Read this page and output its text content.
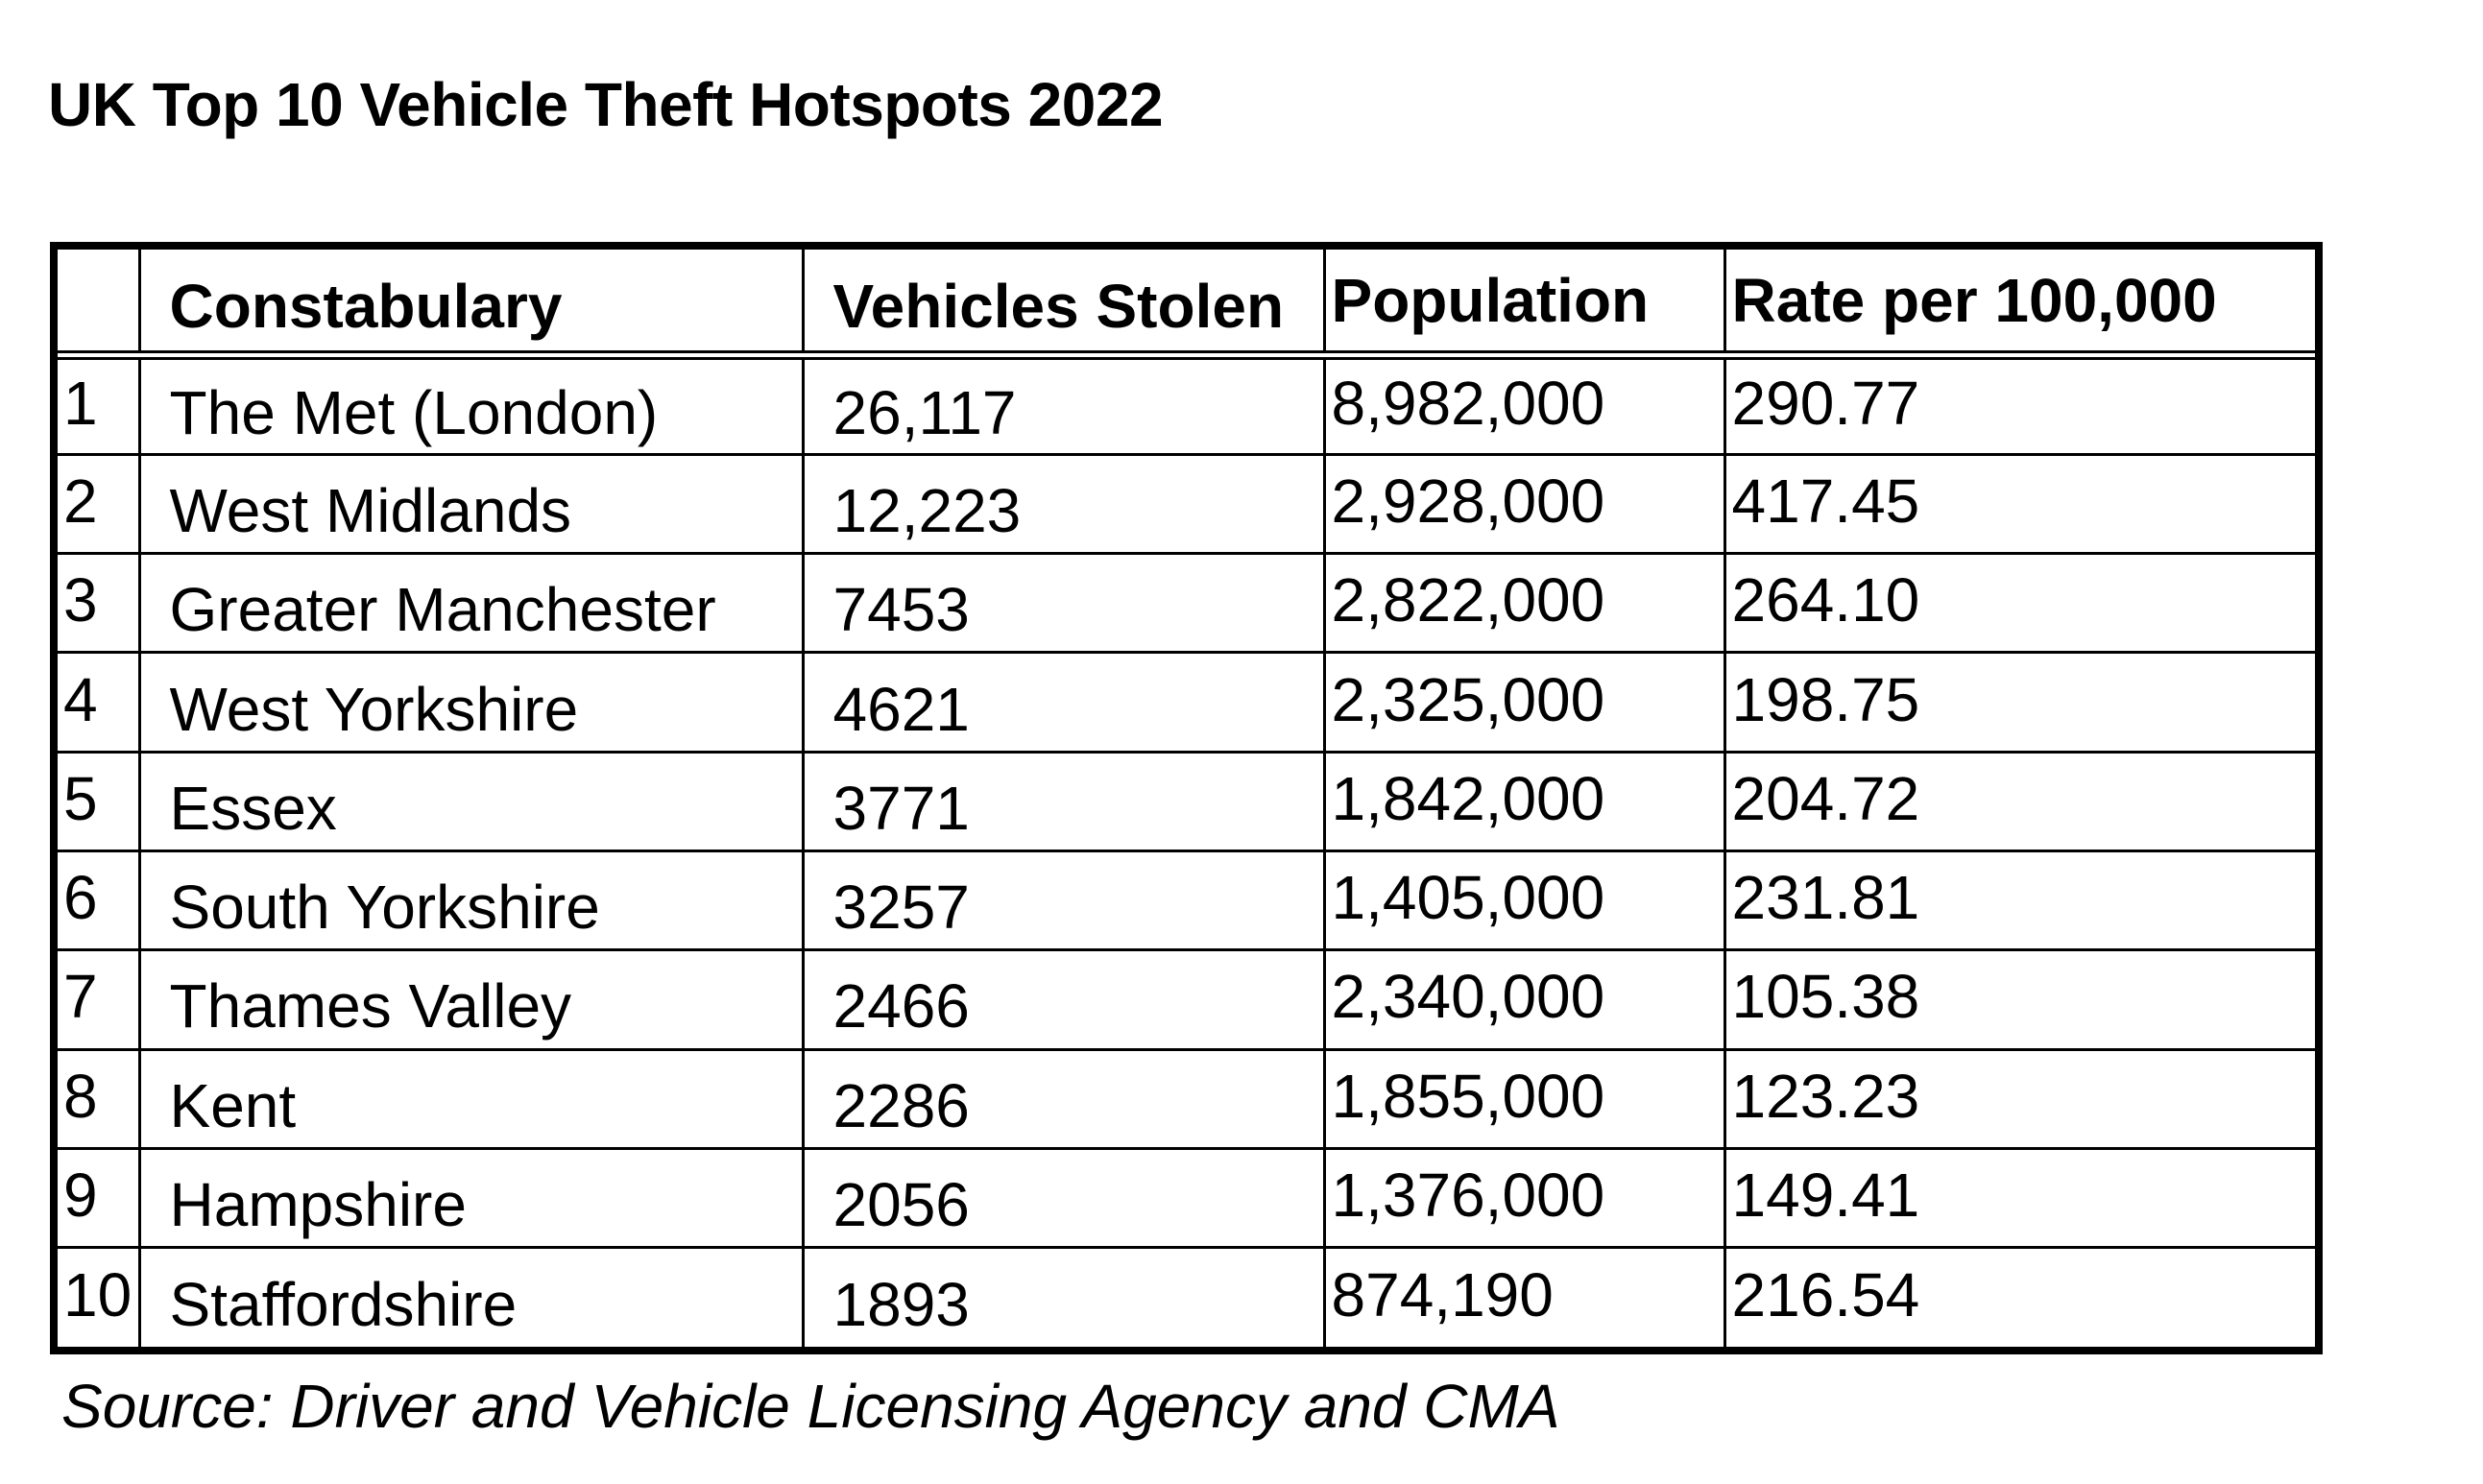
UK Top 10 Vehicle Theft Hotspots 2022
	Constabulary	Vehicles Stolen	Population	Rate per 100,000
1	The Met (London)	26,117	8,982,000	290.77
2	West Midlands	12,223	2,928,000	417.45
3	Greater Manchester	7453	2,822,000	264.10
4	West Yorkshire	4621	2,325,000	198.75
5	Essex	3771	1,842,000	204.72
6	South Yorkshire	3257	1,405,000	231.81
7	Thames Valley	2466	2,340,000	105.38
8	Kent	2286	1,855,000	123.23
9	Hampshire	2056	1,376,000	149.41
10	Staffordshire	1893	874,190	216.54
Source: Driver and Vehicle Licensing Agency and CMA
